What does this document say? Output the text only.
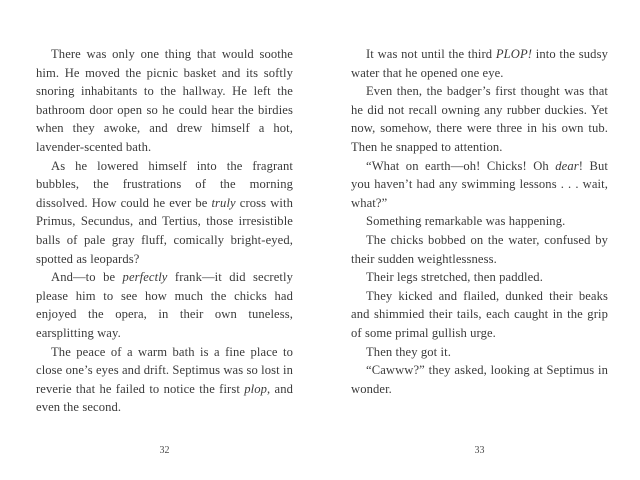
There was only one thing that would soothe him. He moved the picnic basket and its softly snoring inhabitants to the hallway. He left the bathroom door open so he could hear the birdies when they awoke, and drew himself a hot, lavender-scented bath.

As he lowered himself into the fragrant bubbles, the frustrations of the morning dissolved. How could he ever be truly cross with Primus, Secundus, and Tertius, those irresistible balls of pale gray fluff, comically bright-eyed, spotted as leopards?

And—to be perfectly frank—it did secretly please him to see how much the chicks had enjoyed the opera, in their own tuneless, earsplitting way.

The peace of a warm bath is a fine place to close one’s eyes and drift. Septimus was so lost in reverie that he failed to notice the first plop, and even the second.

32

It was not until the third PLOP! into the sudsy water that he opened one eye.

Even then, the badger’s first thought was that he did not recall owning any rubber duckies. Yet now, somehow, there were three in his own tub. Then he snapped to attention.

“What on earth—oh! Chicks! Oh dear! But you haven’t had any swimming lessons . . . wait, what?”

Something remarkable was happening.

The chicks bobbed on the water, confused by their sudden weightlessness.

Their legs stretched, then paddled.

They kicked and flailed, dunked their beaks and shimmied their tails, each caught in the grip of some primal gullish urge.

Then they got it.

“Cawww?” they asked, looking at Septimus in wonder.

33
